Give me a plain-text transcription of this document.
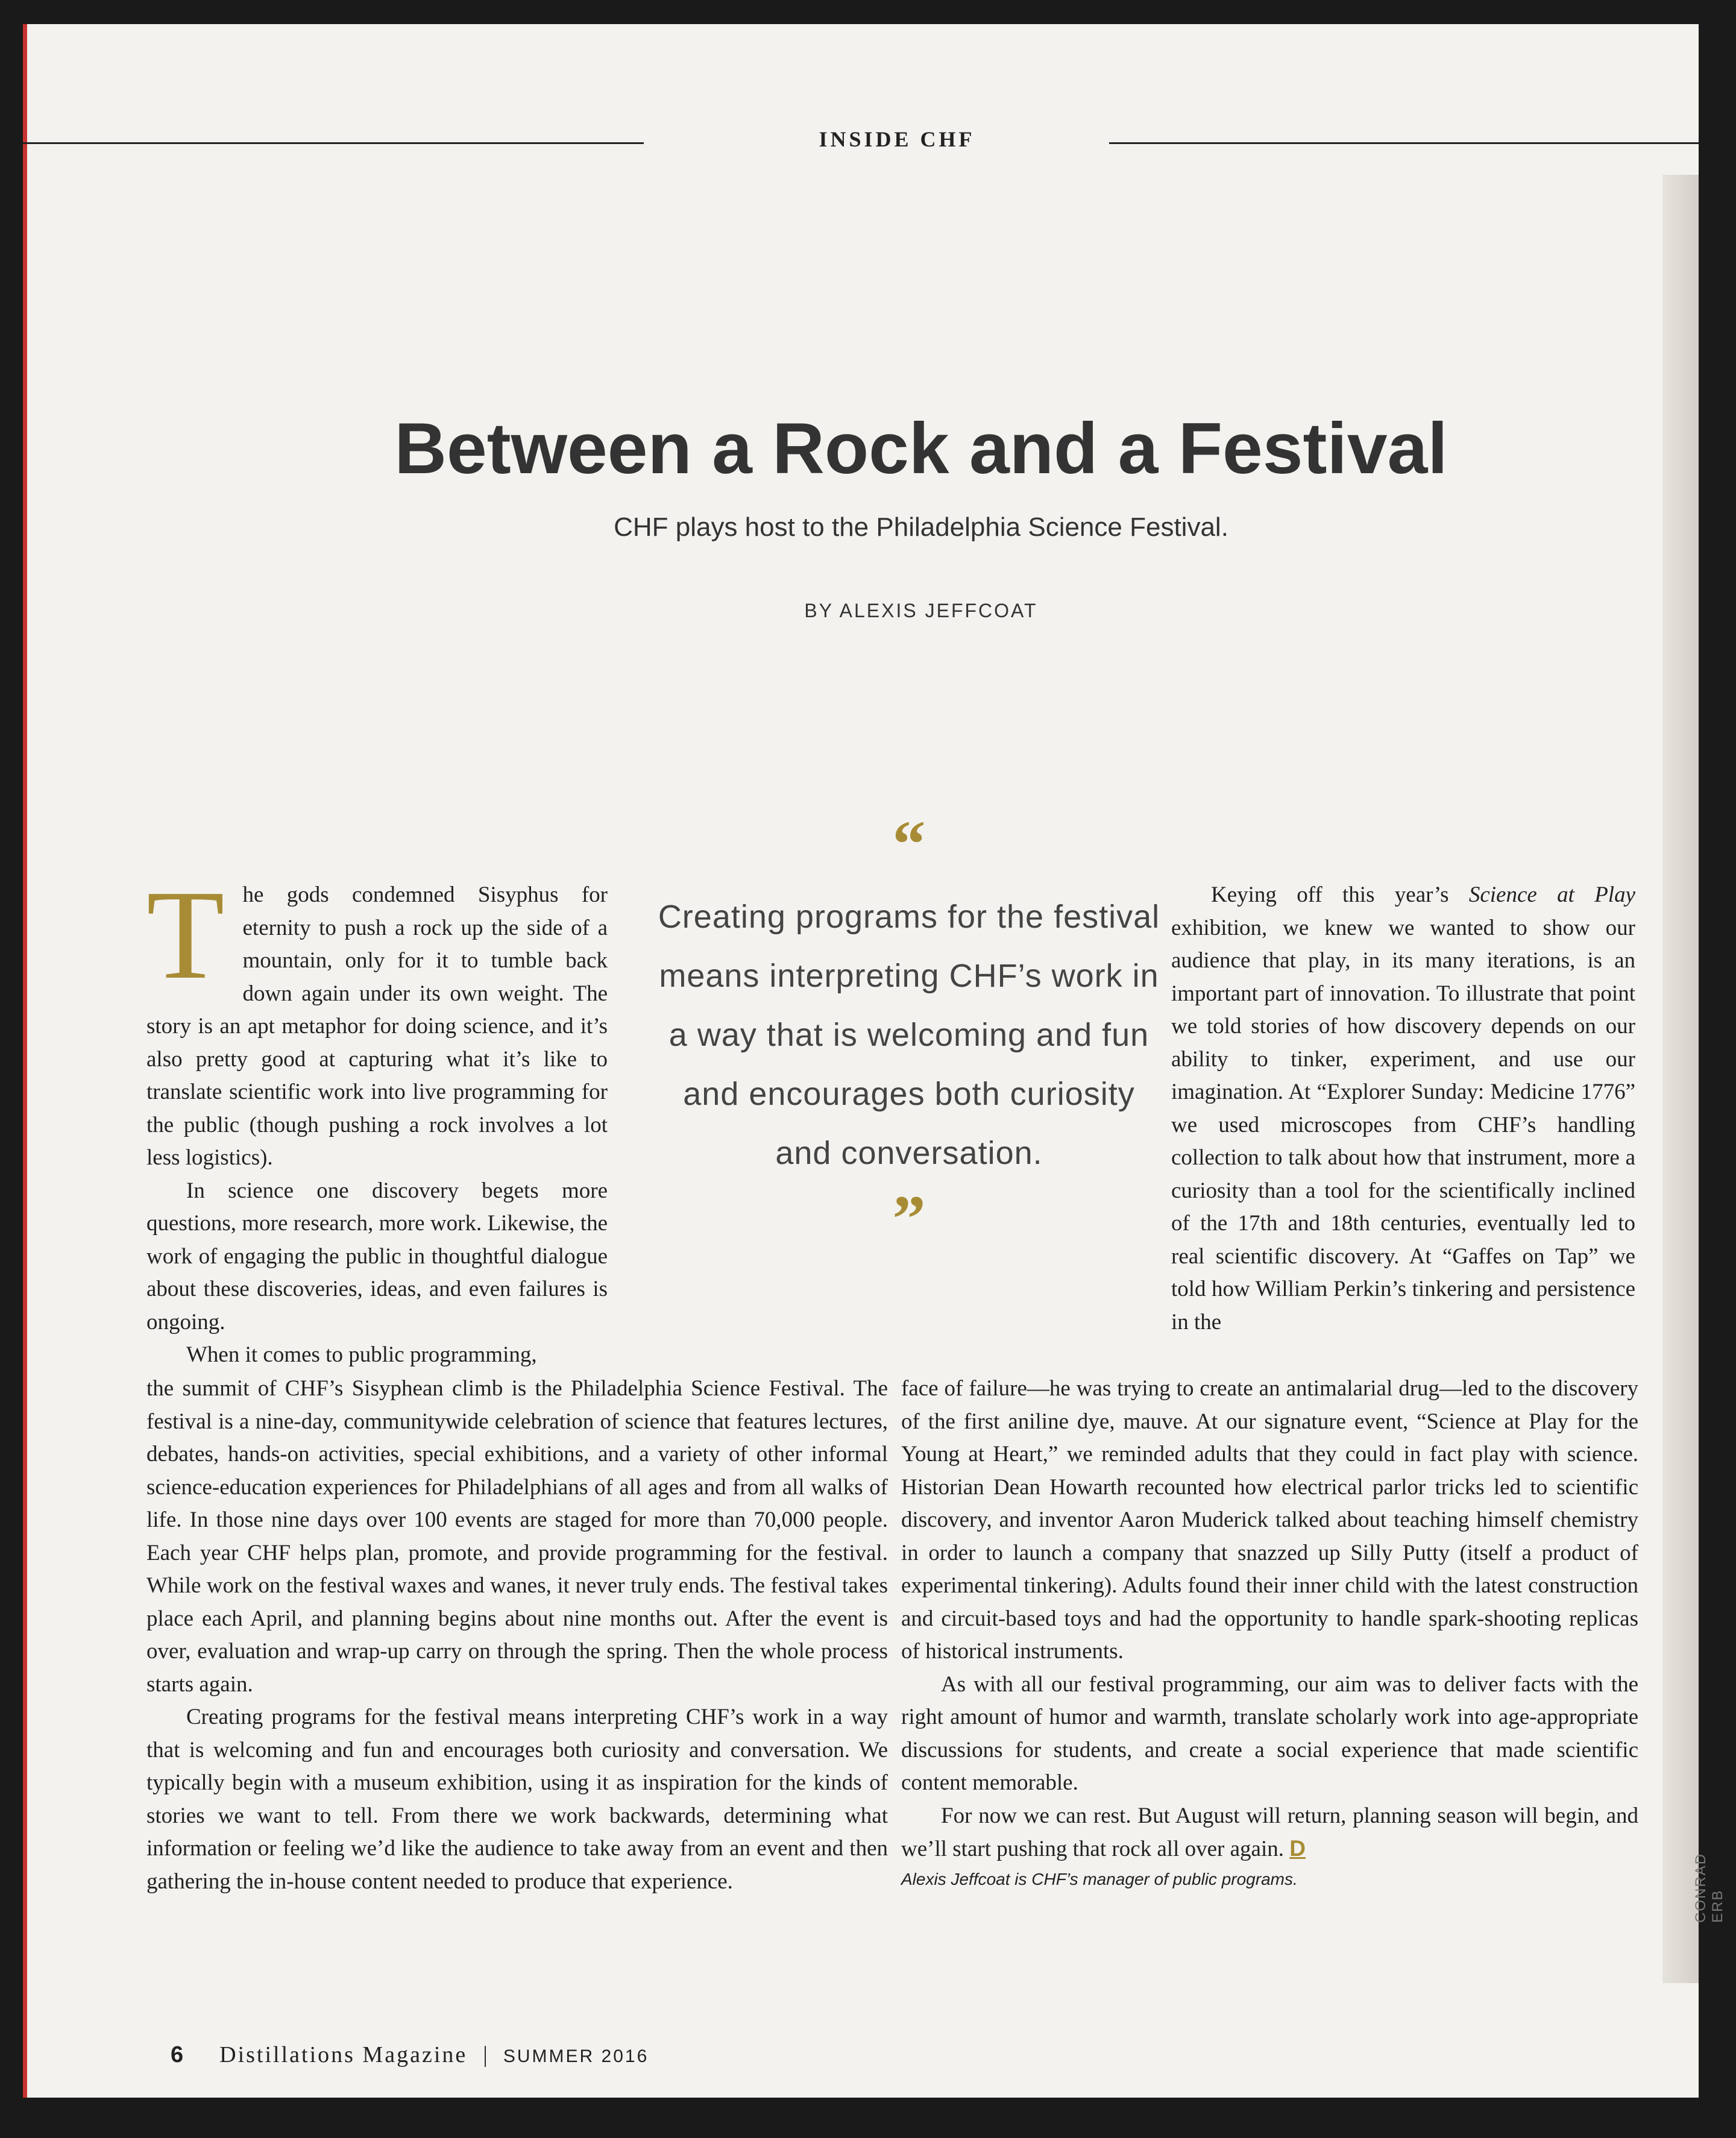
INSIDE CHF
Between a Rock and a Festival
CHF plays host to the Philadelphia Science Festival.
BY ALEXIS JEFFCOAT

The gods condemned Sisyphus for eternity to push a rock up the side of a mountain, only for it to tumble back down again under its own weight. The story is an apt metaphor for doing science, and it’s also pretty good at capturing what it’s like to translate scientific work into live programming for the public (though pushing a rock involves a lot less logistics).

In science one discovery begets more questions, more research, more work. Likewise, the work of engaging the public in thoughtful dialogue about these discoveries, ideas, and even failures is ongoing.

When it comes to public programming,

“
Creating programs for the festival means interpreting CHF’s work in a way that is welcoming and fun and encourages both curiosity and conversation.
”

Keying off this year’s Science at Play exhibition, we knew we wanted to show our audience that play, in its many iterations, is an important part of innovation. To illustrate that point we told stories of how discovery depends on our ability to tinker, experiment, and use our imagination. At “Explorer Sunday: Medicine 1776” we used microscopes from CHF’s handling collection to talk about how that instrument, more a curiosity than a tool for the scientifically inclined of the 17th and 18th centuries, eventually led to real scientific discovery. At “Gaffes on Tap” we told how William Perkin’s tinkering and persistence in the

the summit of CHF’s Sisyphean climb is the Philadelphia Science Festival. The festival is a nine-day, communitywide celebration of science that features lectures, debates, hands-on activities, special exhibitions, and a variety of other informal science-education experiences for Philadelphians of all ages and from all walks of life. In those nine days over 100 events are staged for more than 70,000 people. Each year CHF helps plan, promote, and provide programming for the festival. While work on the festival waxes and wanes, it never truly ends. The festival takes place each April, and planning begins about nine months out. After the event is over, evaluation and wrap-up carry on through the spring. Then the whole process starts again.

Creating programs for the festival means interpreting CHF’s work in a way that is welcoming and fun and encourages both curiosity and conversation. We typically begin with a museum exhibition, using it as inspiration for the kinds of stories we want to tell. From there we work backwards, determining what information or feeling we’d like the audience to take away from an event and then gathering the in-house content needed to produce that experience.

face of failure—he was trying to create an antimalarial drug—led to the discovery of the first aniline dye, mauve. At our signature event, “Science at Play for the Young at Heart,” we reminded adults that they could in fact play with science. Historian Dean Howarth recounted how electrical parlor tricks led to scientific discovery, and inventor Aaron Muderick talked about teaching himself chemistry in order to launch a company that snazzed up Silly Putty (itself a product of experimental tinkering). Adults found their inner child with the latest construction and circuit-based toys and had the opportunity to handle spark-shooting replicas of historical instruments.

As with all our festival programming, our aim was to deliver facts with the right amount of humor and warmth, translate scholarly work into age-appropriate discussions for students, and create a social experience that made scientific content memorable.

For now we can rest. But August will return, planning season will begin, and we’ll start pushing that rock all over again. D

Alexis Jeffcoat is CHF’s manager of public programs.	CONRAD ERB
6 Distillations Magazine | SUMMER 2016
